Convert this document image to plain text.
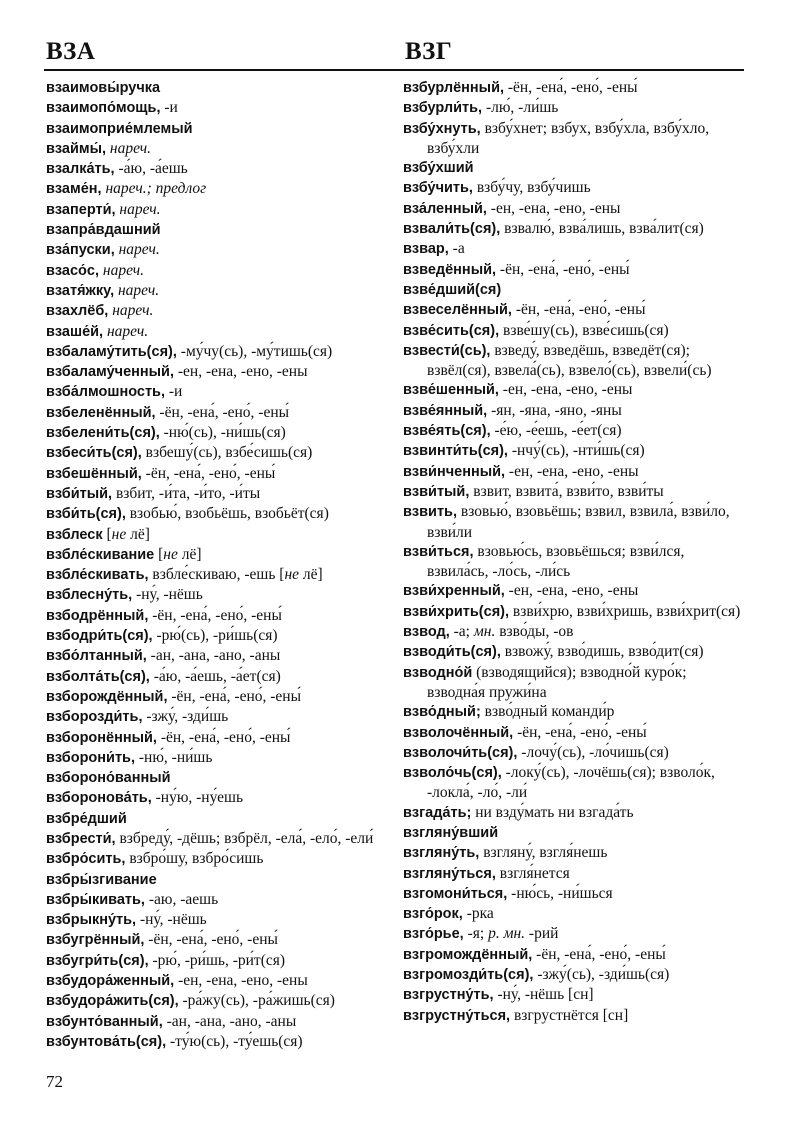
ВЗА	ВЗГ
взаимовы́ручка
взаимопо́мощь, -и
взаимоприе́млемый
взаймы́, нареч.
взалка́ть, -а́ю, -а́ешь
взаме́н, нареч.; предлог
взаперти́, нареч.
взапра́вдашний
вза́пуски, нареч.
взасо́с, нареч.
взатя́жку, нареч.
взахлёб, нареч.
взаше́й, нареч.
взбаламу́тить(ся), -му́чу(сь), -му́тишь(ся)
взбаламу́ченный, -ен, -ена, -ено, -ены
взба́лмошность, -и
взбеленённый, -ён, -ена́, -ено́, -ены́
взбелени́ть(ся), -ню́(сь), -ни́шь(ся)
взбеси́ть(ся), взбешу́(сь), взбе́сишь(ся)
взбешённый, -ён, -ена́, -ено́, -ены́
взби́тый, взбит, -и́та, -и́то, -и́ты
взби́ть(ся), взобью́, взобьёшь, взобьёт(ся)
взблеск [не лё]
взбле́скивание [не лё]
взбле́скивать, взбле́скиваю, -ешь [не лё]
взблесну́ть, -ну́, -нёшь
взбодрённый, -ён, -ена́, -ено́, -ены́
взбодри́ть(ся), -рю́(сь), -ри́шь(ся)
взбо́лтанный, -ан, -ана, -ано, -аны
взболта́ть(ся), -а́ю, -а́ешь, -а́ет(ся)
взборождённый, -ён, -ена́, -ено́, -ены́
взборозди́ть, -зжу́, -зди́шь
взборонённый, -ён, -ена́, -ено́, -ены́
взборони́ть, -ню́, -ни́шь
взбороно́ванный
взборонова́ть, -ну́ю, -ну́ешь
взбре́дший
взбрести́, взбреду́, -дёшь; взбрёл, -ела́, -ело́, -ели́
взбро́сить, взбро́шу, взбро́сишь
взбры́згивание
взбры́кивать, -аю, -аешь
взбрыкну́ть, -ну́, -нёшь
взбугрённый, -ён, -ена́, -ено́, -ены́
взбугри́ть(ся), -рю́, -ри́шь, -ри́т(ся)
взбудора́женный, -ен, -ена, -ено, -ены
взбудора́жить(ся), -ра́жу(сь), -ра́жишь(ся)
взбунто́ванный, -ан, -ана, -ано, -аны
взбунтова́ть(ся), -ту́ю(сь), -ту́ешь(ся)
взбурлённый, -ён, -ена́, -ено́, -ены́
взбурли́ть, -лю́, -ли́шь
взбу́хнуть, взбу́хнет; взбух, взбу́хла, взбу́хло, взбу́хли
взбу́хший
взбу́чить, взбу́чу, взбу́чишь
вза́ленный, -ен, -ена, -ено, -ены
взвали́ть(ся), взвалю́, взва́лишь, взва́лит(ся)
взвар, -а
взведённый, -ён, -ена́, -ено́, -ены́
взве́дший(ся)
взвеселённый, -ён, -ена́, -ено́, -ены́
взве́сить(ся), взве́шу(сь), взве́сишь(ся)
взвести́(сь), взведу́, взведёшь, взведёт(ся); взвёл(ся), взвела́(сь), взвело́(сь), взвели́(сь)
взве́шенный, -ен, -ена, -ено, -ены
взве́янный, -ян, -яна, -яно, -яны
взве́ять(ся), -е́ю, -е́ешь, -е́ет(ся)
взвинти́ть(ся), -нчу́(сь), -нти́шь(ся)
взви́нченный, -ен, -ена, -ено, -ены
взви́тый, взвит, взвита́, взви́то, взви́ты
взвить, взовью́, взовьёшь; взвил, взвила́, взви́ло, взви́ли
взви́ться, взовью́сь, взовьёшься; взви́лся, взвила́сь, -ло́сь, -ли́сь
взви́хренный, -ен, -ена, -ено, -ены
взви́хрить(ся), взви́хрю, взви́хришь, взви́хрит(ся)
взвод, -а; мн. взво́ды, -ов
взводи́ть(ся), взвожу́, взво́дишь, взво́дит(ся)
взводно́й (взводящийся); взводно́й куро́к; взводна́я пружи́на
взво́дный; взво́дный команди́р
взволочённый, -ён, -ена́, -ено́, -ены́
взволочи́ть(ся), -лочу́(сь), -ло́чишь(ся)
взволо́чь(ся), -локу́(сь), -лочёшь(ся); взволо́к, -локла́, -ло́, -ли́
взгада́ть; ни взду́мать ни взгада́ть
взгляну́вший
взгляну́ть, взгляну́, взгля́нешь
взгляну́ться, взгля́нется
взгомони́ться, -ню́сь, -ни́шься
взго́рок, -рка
взго́рье, -я; р. мн. -рий
взгромождённый, -ён, -ена́, -ено́, -ены́
взгромозди́ть(ся), -зжу́(сь), -зди́шь(ся)
взгрустну́ть, -ну́, -нёшь [сн]
взгрустну́ться, взгрустнётся [сн]
72
